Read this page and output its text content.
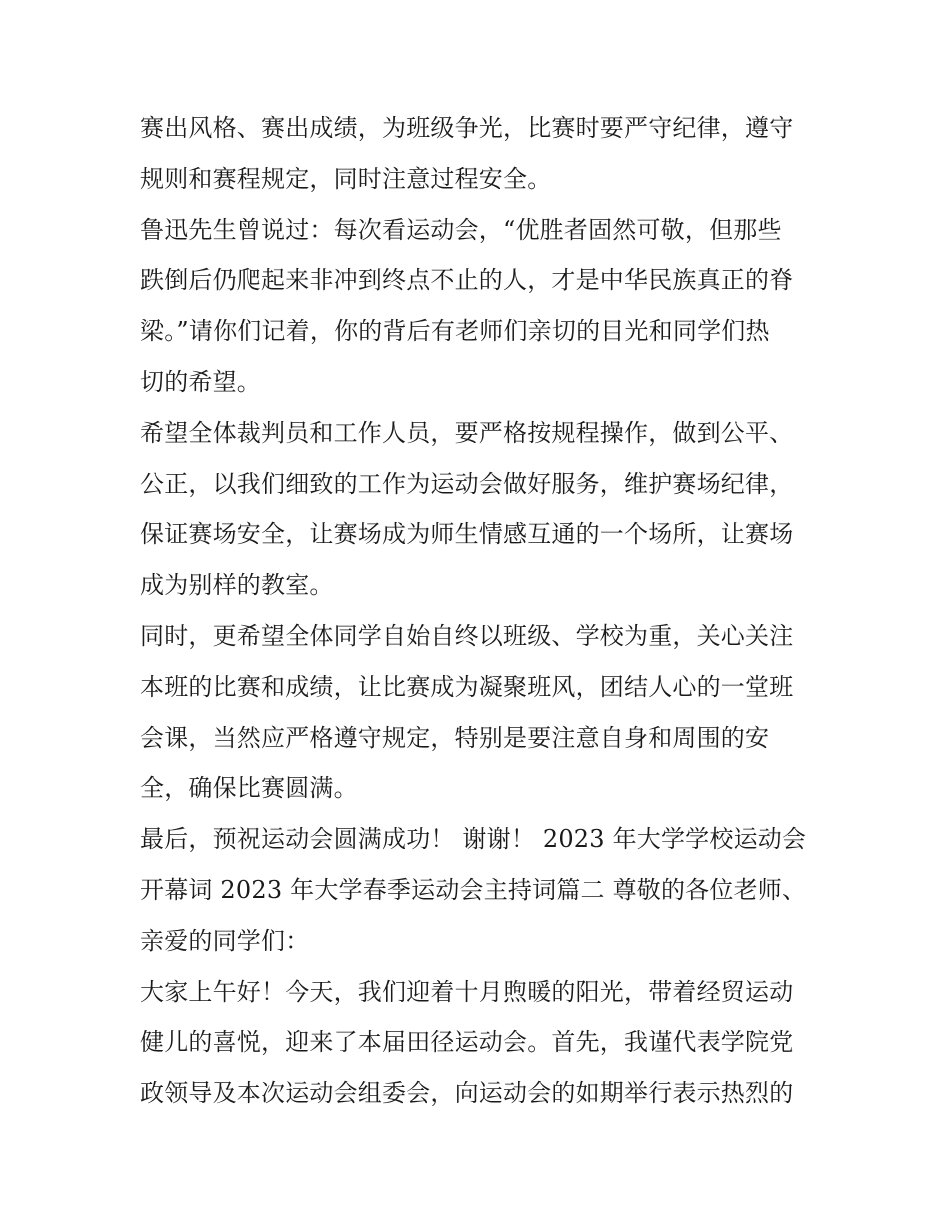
赛出风格、赛出成绩，为班级争光，比赛时要严守纪律，遵守
规则和赛程规定，同时注意过程安全。
鲁迅先生曾说过：每次看运动会，“优胜者固然可敬，但那些
跌倒后仍爬起来非冲到终点不止的人，才是中华民族真正的脊
梁。”请你们记着，你的背后有老师们亲切的目光和同学们热
切的希望。
希望全体裁判员和工作人员，要严格按规程操作，做到公平、
公正，以我们细致的工作为运动会做好服务，维护赛场纪律，
保证赛场安全，让赛场成为师生情感互通的一个场所，让赛场
成为别样的教室。
同时，更希望全体同学自始自终以班级、学校为重，关心关注
本班的比赛和成绩，让比赛成为凝聚班风，团结人心的一堂班
会课，当然应严格遵守规定，特别是要注意自身和周围的安
全，确保比赛圆满。
最后，预祝运动会圆满成功！ 谢谢！ 2023 年大学学校运动会
开幕词 2023 年大学春季运动会主持词篇二 尊敬的各位老师、
亲爱的同学们：
大家上午好！今天，我们迎着十月煦暖的阳光，带着经贸运动
健儿的喜悦，迎来了本届田径运动会。首先，我谨代表学院党
政领导及本次运动会组委会，向运动会的如期举行表示热烈的
